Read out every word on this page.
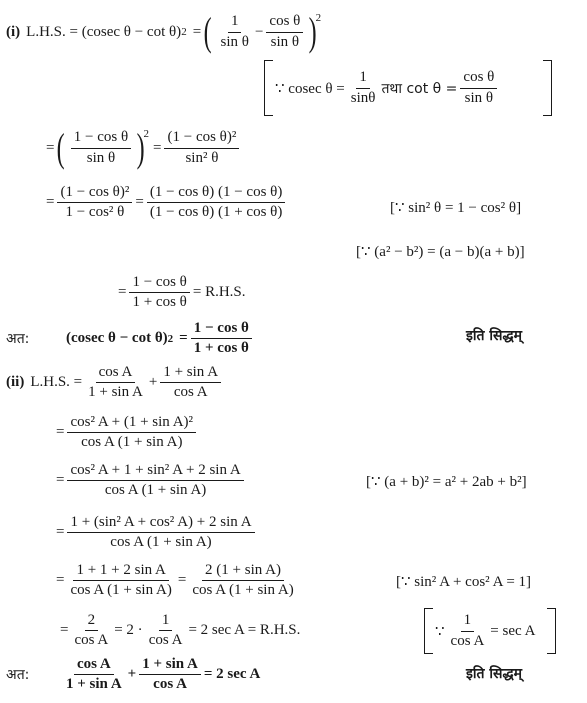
(i) L.H.S. = (cosec θ − cot θ) 2 = ( $\frac{1}{\text{sin θ}} - \frac{\text{cos θ}}{\text{sin θ}}$ )
2
∵ cosec $\theta = \frac{1}{\sin\theta}$ तथा $\cot \theta = \frac{\text{cos θ}}{\text{sin θ}}$
= ( $\frac{\text{1 − cos θ}}{\text{sin θ}}$ )
2
= $\frac{\text{(1 − cos θ)²}}{\text{sin² θ}}$
= $\frac{\text{(1 − cos θ)²}}{\text{1 − cos² θ}} = \frac{\text{(1 − cos θ) (1 − cos θ)}}{\text{(1 − cos θ) (1 + cos θ)}}$	[∵ sin² θ = 1 − cos² θ]
[∵ (a² − b²) = (a − b)(a + b)]
= $\frac{\text{1 − cos θ}}{\text{1 + cos θ}} = R.H.S$.
अत:	(cosec θ − cot θ) $2 = \frac{\text{1 − cos θ}}{\text{1 + cos θ}}$	इति सिद्धम्
(ii) L.H.S. = $\frac{\text{cos A}}{\text{1 + sin A}} + \frac{\text{1 + sin A}}{\text{cos A}}$
= $\frac{\text{cos² A + (1 + sin A)²}}{\text{cos A (1 + sin A)}}$
= $\frac{\text{cos² A + 1 + sin² A + 2 sin A}}{\text{cos A (1 + sin A)}}$	[∵ (a + b)² = a² + 2ab + b²]
= $\frac{\text{1 + (sin² A + cos² A) + 2 sin A}}{\text{cos A (1 + sin A)}}$
= $\frac{\text{1 + 1 + 2 sin A}}{\text{cos A (1 + sin A)}} = \frac{\text{2 (1 + sin A)}}{\text{cos A (1 + sin A)}}$	[∵ sin² A + cos² A = 1]
= $\frac{2}{\text{cos A}} = 2 \cdot \frac{1}{\text{cos A}} = 2$ sec A = R.H.S.	∵ $\frac{1}{\text{cos A}} = \sec A$
अत:	$\frac{\text{cos A}}{\text{1 + sin A}} + \frac{\text{1 + sin A}}{\text{cos A}} = 2$ sec A	इति सिद्धम्
